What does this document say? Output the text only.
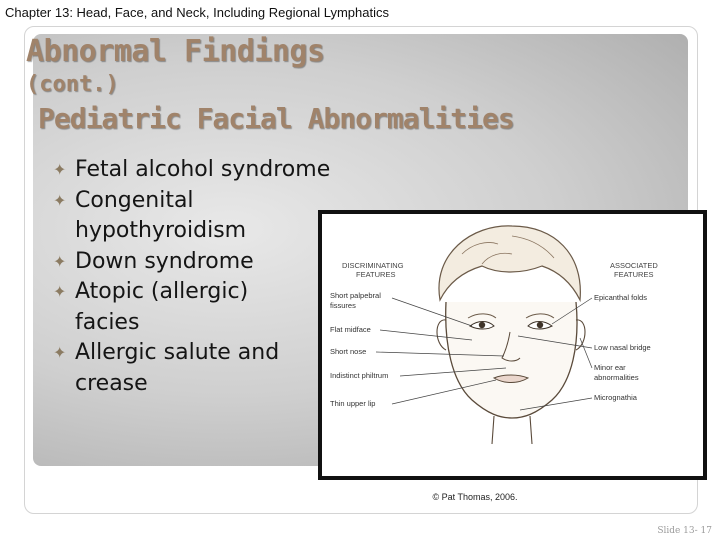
Chapter 13: Head, Face, and Neck, Including Regional Lymphatics
Abnormal Findings
(cont.)
Pediatric Facial Abnormalities
✦ Fetal alcohol syndrome
✦ Congenital hypothyroidism
✦ Down syndrome
✦ Atopic (allergic) facies
✦ Allergic salute and crease
DISCRIMINATING
FEATURES
ASSOCIATED
FEATURES
Short palpebral
fissures
Flat midface
Short nose
Indistinct philtrum
Thin upper lip
Epicanthal folds
Low nasal bridge
Minor ear
abnormalities
Micrognathia
© Pat Thomas, 2006.
Slide 13- 17
